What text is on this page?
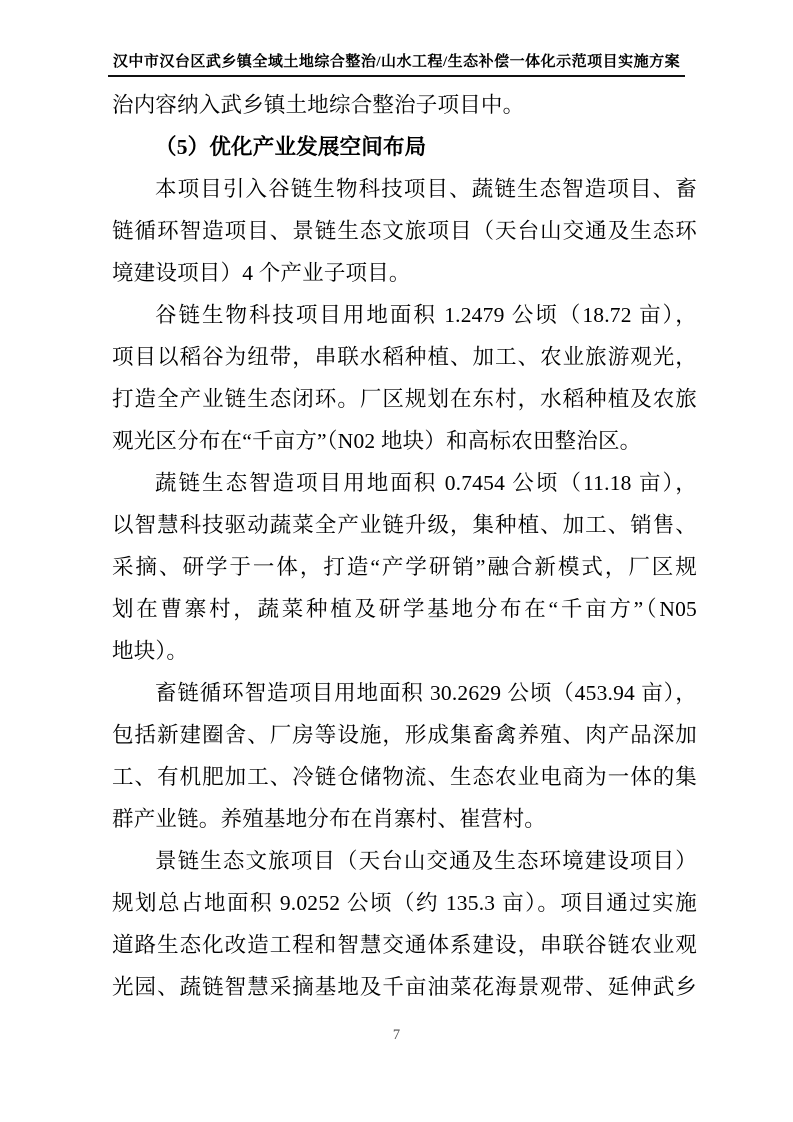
汉中市汉台区武乡镇全域土地综合整治/山水工程/生态补偿一体化示范项目实施方案
治内容纳入武乡镇土地综合整治子项目中。
（5）优化产业发展空间布局
本项目引入谷链生物科技项目、蔬链生态智造项目、畜
链循环智造项目、景链生态文旅项目（天台山交通及生态环
境建设项目）4 个产业子项目。
谷链生物科技项目用地面积 1.2479 公顷（18.72 亩），
项目以稻谷为纽带，串联水稻种植、加工、农业旅游观光，
打造全产业链生态闭环。厂区规划在东村，水稻种植及农旅
观光区分布在“千亩方”（N02 地块）和高标农田整治区。
蔬链生态智造项目用地面积 0.7454 公顷（11.18 亩），
以智慧科技驱动蔬菜全产业链升级，集种植、加工、销售、
采摘、研学于一体，打造“产学研销”融合新模式，厂区规
划在曹寨村，蔬菜种植及研学基地分布在“千亩方”（N05
地块）。
畜链循环智造项目用地面积 30.2629 公顷（453.94 亩），
包括新建圈舍、厂房等设施，形成集畜禽养殖、肉产品深加
工、有机肥加工、冷链仓储物流、生态农业电商为一体的集
群产业链。养殖基地分布在肖寨村、崔营村。
景链生态文旅项目（天台山交通及生态环境建设项目）
规划总占地面积 9.0252 公顷（约 135.3 亩）。项目通过实施
道路生态化改造工程和智慧交通体系建设，串联谷链农业观
光园、蔬链智慧采摘基地及千亩油菜花海景观带、延伸武乡
7
